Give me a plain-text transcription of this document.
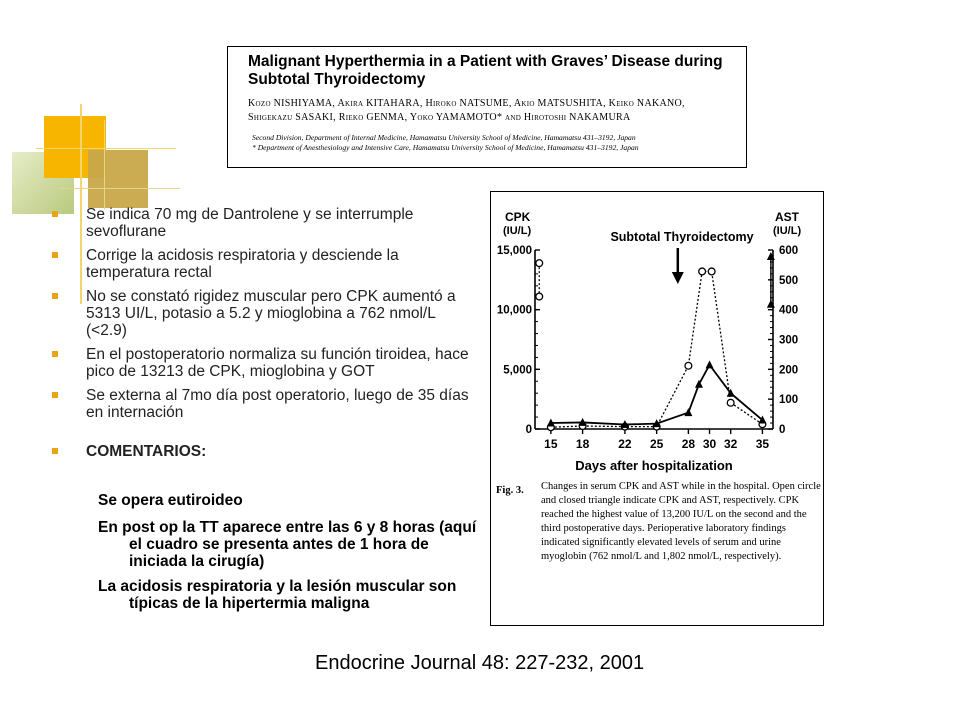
Malignant Hyperthermia in a Patient with Graves’ Disease during Subtotal Thyroidectomy

Kozo NISHIYAMA, Akira KITAHARA, Hiroko NATSUME, Akio MATSUSHITA, Keiko NAKANO, Shigekazu SASAKI, Rieko GENMA, Yoko YAMAMOTO* and Hirotoshi NAKAMURA
Second Division, Department of Internal Medicine, Hamamatsu University School of Medicine, Hamamatsu 431–3192, Japan
* Department of Anesthesiology and Intensive Care, Hamamatsu University School of Medicine, Hamamatsu 431–3192, Japan
Se indica 70 mg de Dantrolene y se interrumple sevoflurane
Corrige la acidosis respiratoria y desciende la temperatura rectal
No se constató rigidez muscular pero CPK aumentó a 5313 UI/L, potasio a 5.2 y mioglobina a 762 nmol/L (<2.9)
En el postoperatorio normaliza su función tiroidea, hace pico de 13213 de CPK, mioglobina y GOT
Se externa al 7mo día post operatorio, luego de 35 días en internación
COMENTARIOS:
Se opera eutiroideo
En post op la TT aparece entre las 6 y 8 horas (aquí el cuadro se presenta antes de 1 hora de iniciada la cirugía)
La acidosis respiratoria y la lesión muscular son típicas de la hipertermia maligna
CPK
(IU/L)
AST
(IU/L)
0
5,000
10,000
15,000
0
100
200
300
400
500
600
15 18 22 25 28 30 32 35
Days after hospitalization
Subtotal Thyroidectomy
Fig. 3. Changes in serum CPK and AST while in the hospital. Open circle and closed triangle indicate CPK and AST, respectively. CPK reached the highest value of 13,200 IU/L on the second and the third postoperative days. Perioperative laboratory findings indicated significantly elevated levels of serum and urine myoglobin (762 nmol/L and 1,802 nmol/L, respectively).
Endocrine Journal 48: 227-232, 2001
